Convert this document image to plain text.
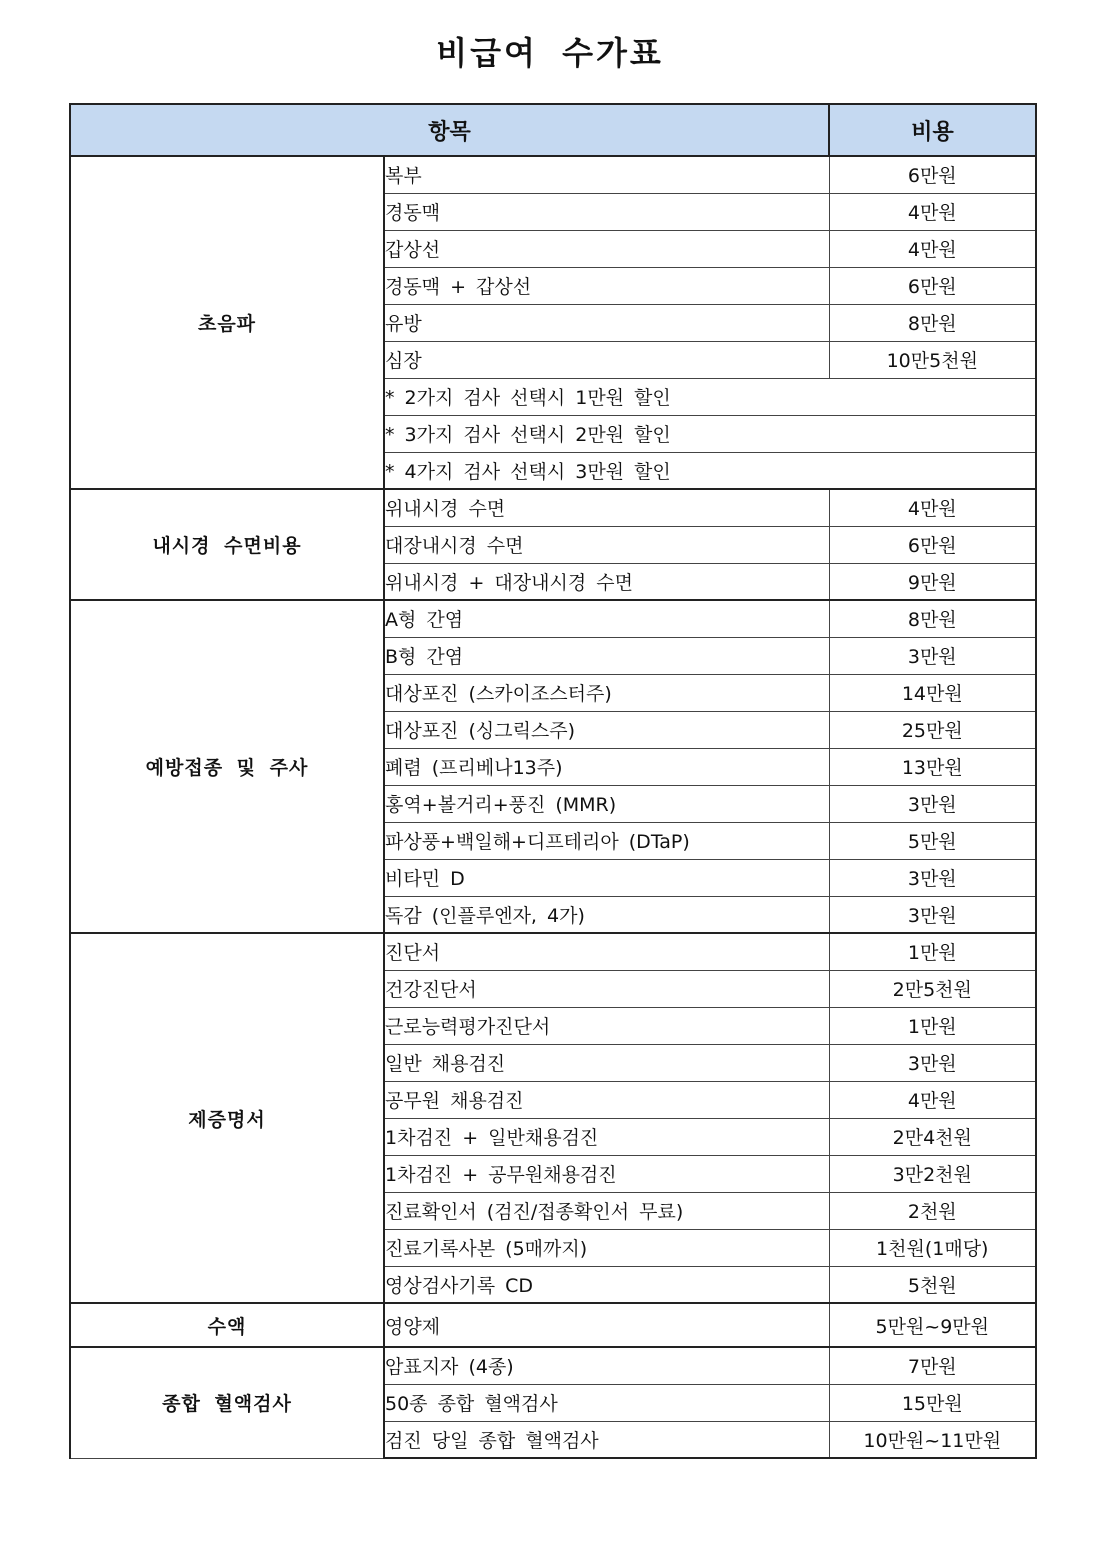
비급여 수가표
항목		비용
초음파	복부	6만원
	경동맥	4만원
	갑상선	4만원
	경동맥 + 갑상선	6만원
	유방	8만원
	심장	10만5천원
	* 2가지 검사 선택시 1만원 할인	
	* 3가지 검사 선택시 2만원 할인	
	* 4가지 검사 선택시 3만원 할인	
내시경 수면비용	위내시경 수면	4만원
	대장내시경 수면	6만원
	위내시경 + 대장내시경 수면	9만원
예방접종 및 주사	A형 간염	8만원
	B형 간염	3만원
	대상포진 (스카이조스터주)	14만원
	대상포진 (싱그릭스주)	25만원
	폐렴 (프리베나13주)	13만원
	홍역+볼거리+풍진 (MMR)	3만원
	파상풍+백일해+디프테리아 (DTaP)	5만원
	비타민 D	3만원
	독감 (인플루엔자, 4가)	3만원
제증명서	진단서	1만원
	건강진단서	2만5천원
	근로능력평가진단서	1만원
	일반 채용검진	3만원
	공무원 채용검진	4만원
	1차검진 + 일반채용검진	2만4천원
	1차검진 + 공무원채용검진	3만2천원
	진료확인서 (검진/접종확인서 무료)	2천원
	진료기록사본 (5매까지)	1천원(1매당)
	영상검사기록 CD	5천원
수액	영양제	5만원~9만원
종합 혈액검사	암표지자 (4종)	7만원
	50종 종합 혈액검사	15만원
	검진 당일 종합 혈액검사	10만원~11만원
